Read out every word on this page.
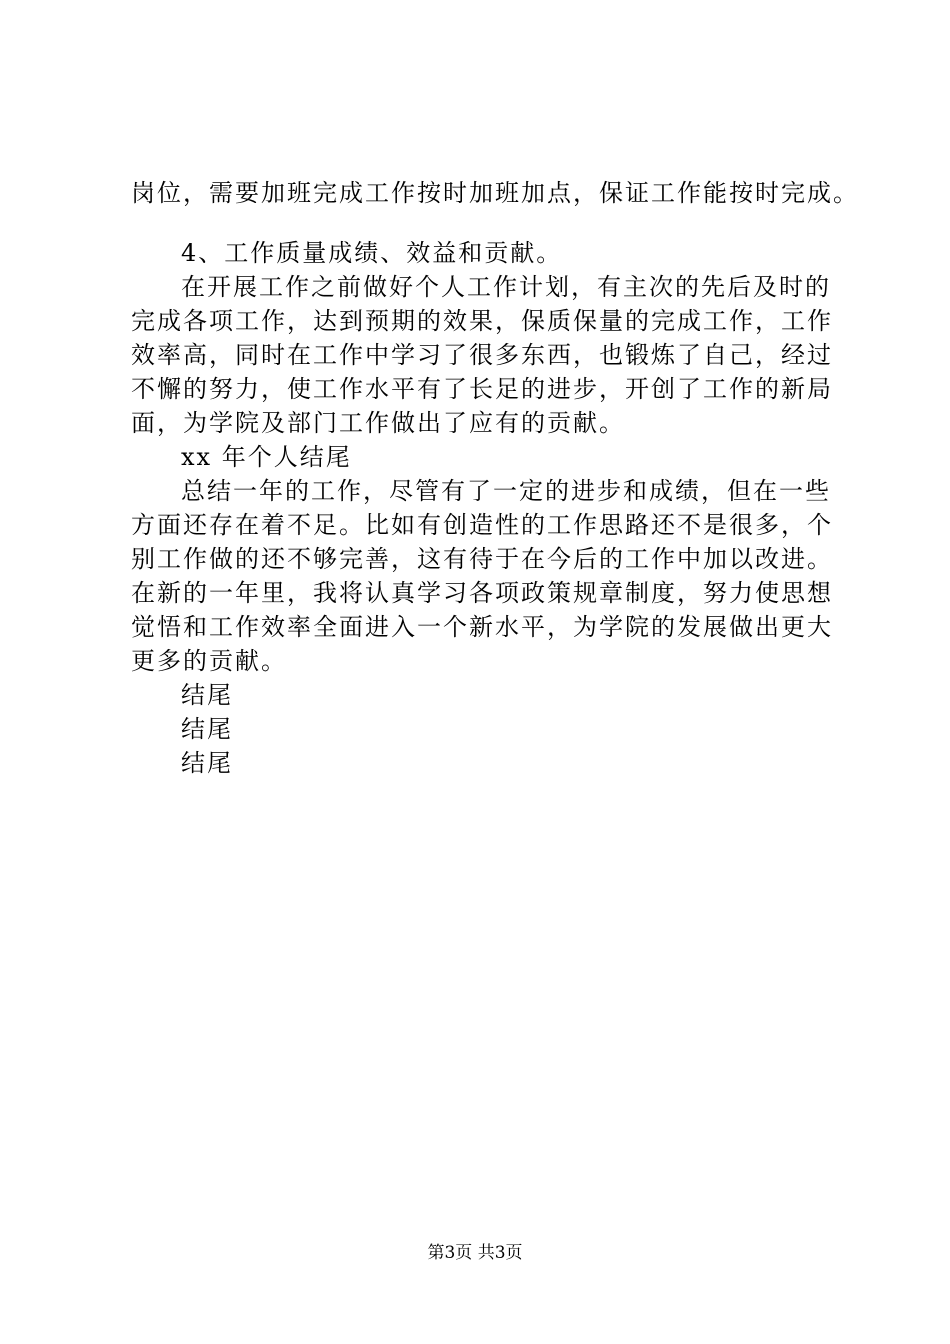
岗位，需要加班完成工作按时加班加点，保证工作能按时完成。
4、工作质量成绩、效益和贡献。
在开展工作之前做好个人工作计划，有主次的先后及时的
完成各项工作，达到预期的效果，保质保量的完成工作，工作
效率高，同时在工作中学习了很多东西，也锻炼了自己，经过
不懈的努力，使工作水平有了长足的进步，开创了工作的新局
面，为学院及部门工作做出了应有的贡献。
xx 年个人结尾
总结一年的工作，尽管有了一定的进步和成绩，但在一些
方面还存在着不足。比如有创造性的工作思路还不是很多，个
别工作做的还不够完善，这有待于在今后的工作中加以改进。
在新的一年里，我将认真学习各项政策规章制度，努力使思想
觉悟和工作效率全面进入一个新水平，为学院的发展做出更大
更多的贡献。
结尾
结尾
结尾
第3页 共3页
